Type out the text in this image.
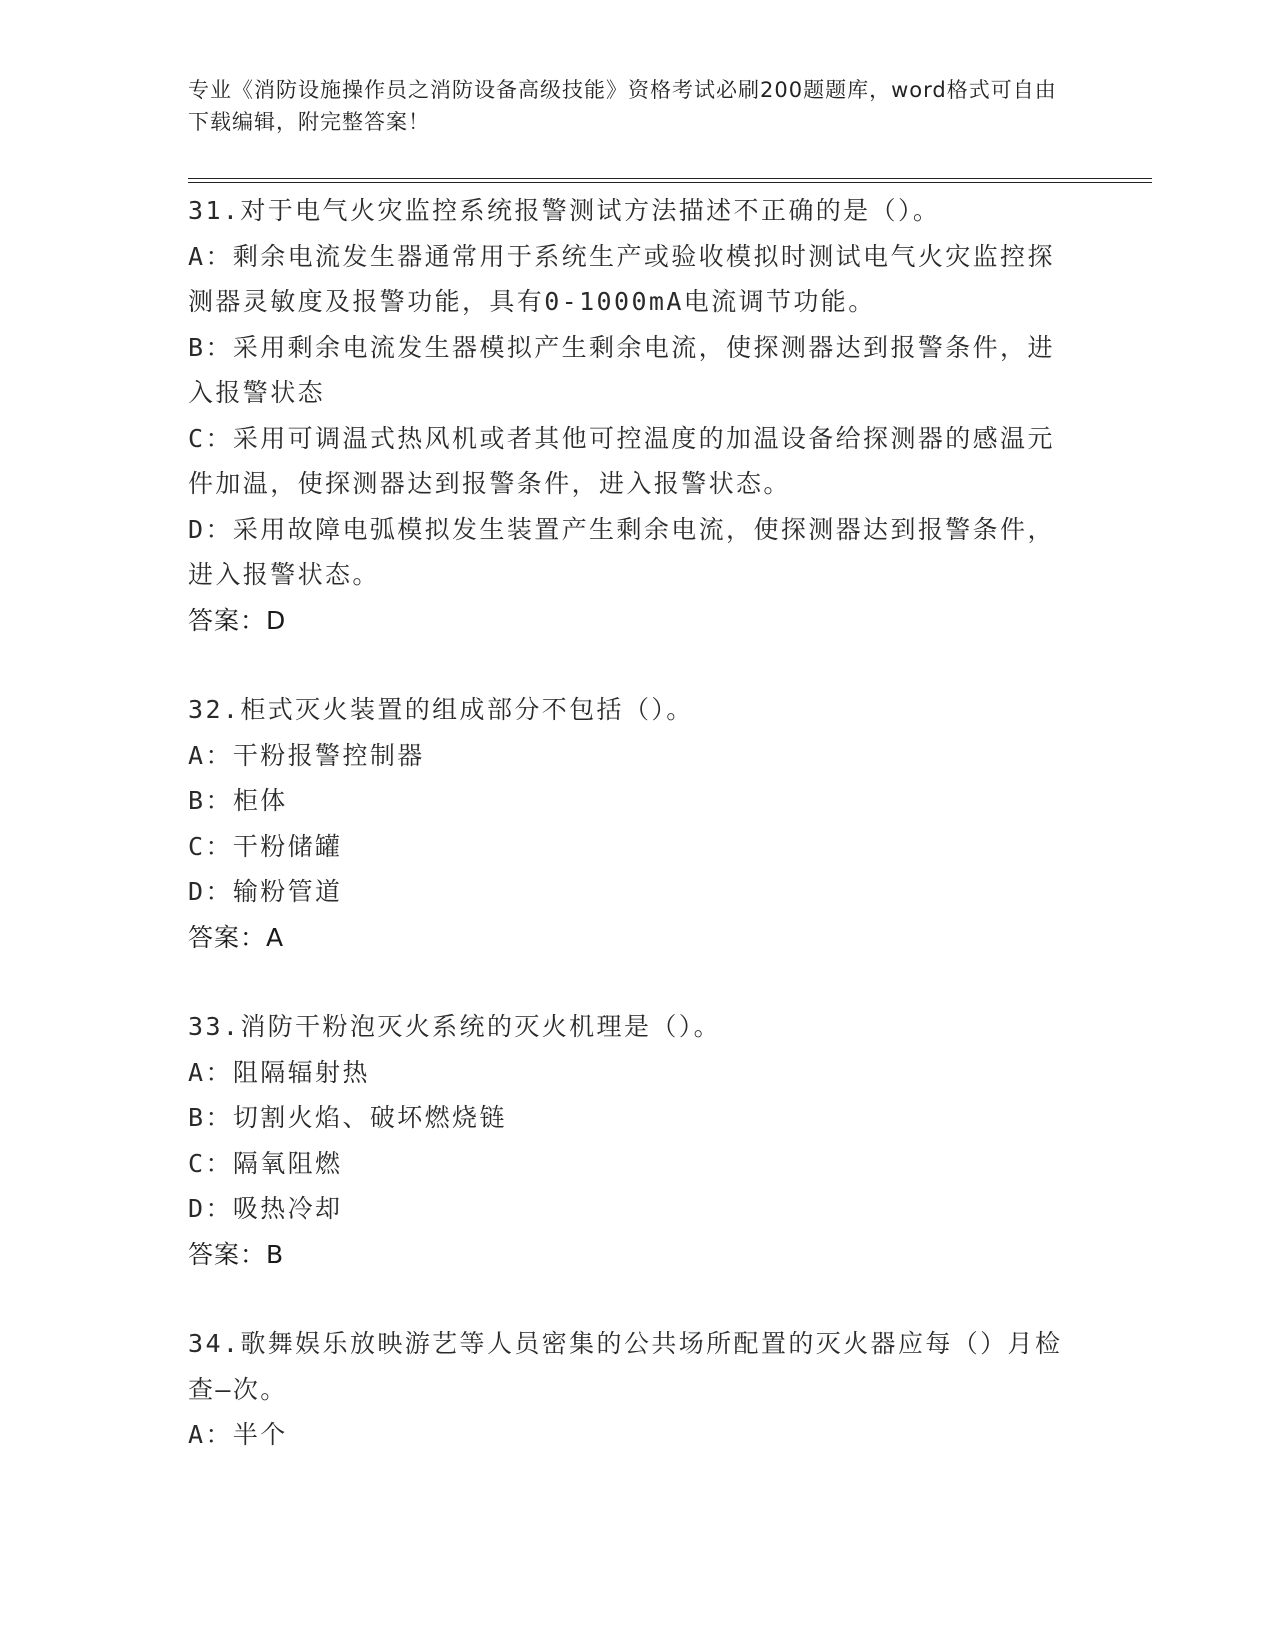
专业《消防设施操作员之消防设备高级技能》资格考试必刷200题题库，word格式可自由下载编辑，附完整答案！
31.对于电气火灾监控系统报警测试方法描述不正确的是（）。
A：剩余电流发生器通常用于系统生产或验收模拟时测试电气火灾监控探测器灵敏度及报警功能，具有0-1000mA电流调节功能。
B：采用剩余电流发生器模拟产生剩余电流，使探测器达到报警条件，进入报警状态
C：采用可调温式热风机或者其他可控温度的加温设备给探测器的感温元件加温，使探测器达到报警条件，进入报警状态。
D：采用故障电弧模拟发生装置产生剩余电流，使探测器达到报警条件，进入报警状态。
答案：D
32.柜式灭火装置的组成部分不包括（）。
A：干粉报警控制器
B：柜体
C：干粉储罐
D：输粉管道
答案：A
33.消防干粉泡灭火系统的灭火机理是（）。
A：阻隔辐射热
B：切割火焰、破坏燃烧链
C：隔氧阻燃
D：吸热冷却
答案：B
34.歌舞娱乐放映游艺等人员密集的公共场所配置的灭火器应每（）月检查—次。
A：半个
